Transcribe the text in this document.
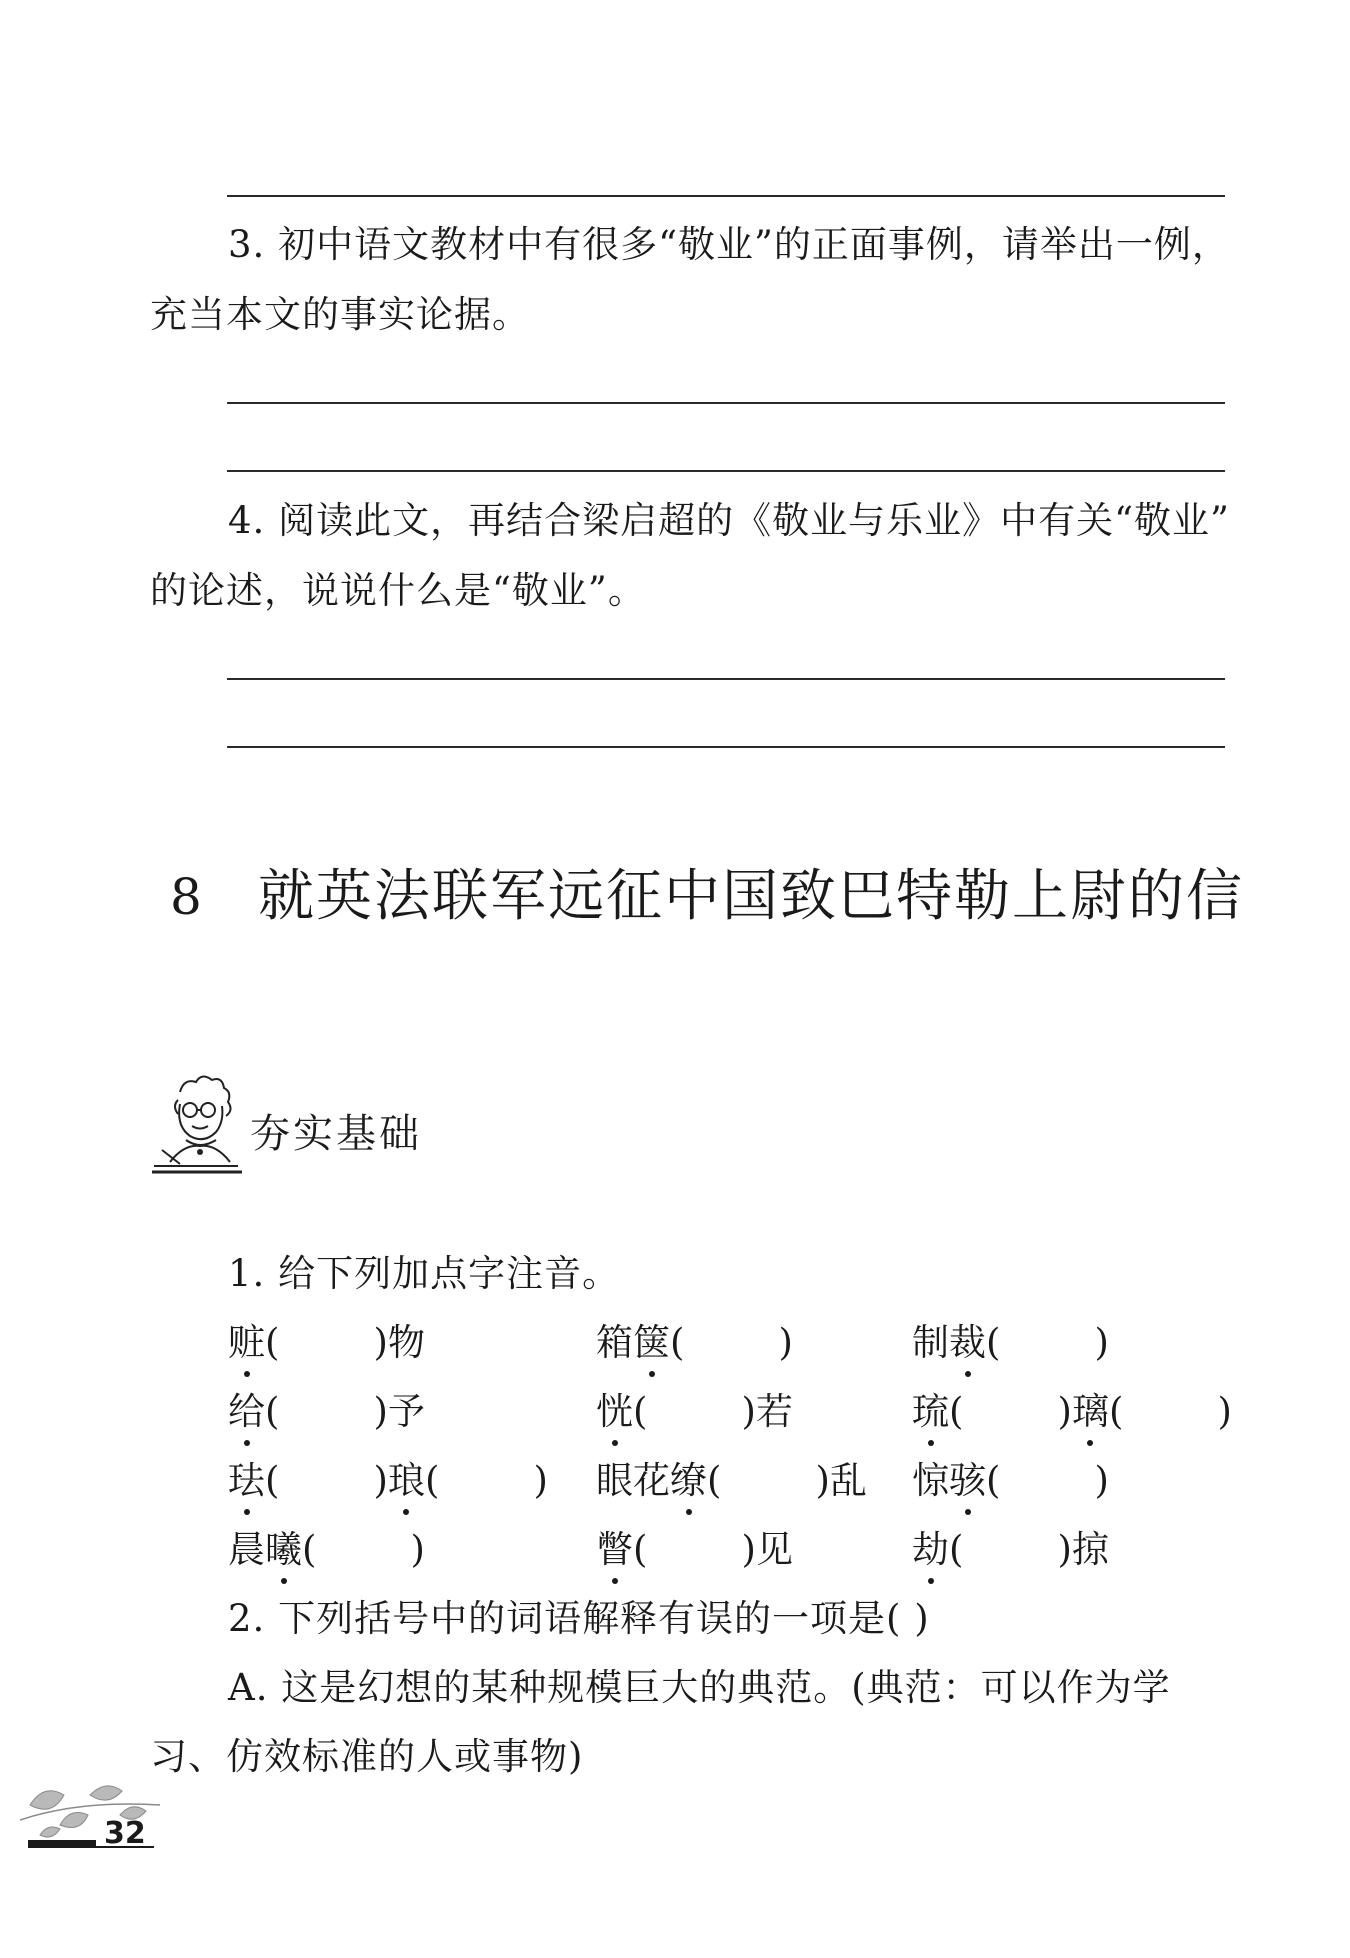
3. 初中语文教材中有很多“敬业”的正面事例，请举出一例，
充当本文的事实论据。

4. 阅读此文，再结合梁启超的《敬业与乐业》中有关“敬业”
的论述，说说什么是“敬业”。

8 就英法联军远征中国致巴特勒上尉的信
夯实基础
1. 给下列加点字注音。
赃(        )物	箱箧(        )	制裁(        )
给(        )予	恍(        )若	琉(        )璃(        )
珐(        )琅(        ) 眼花缭(        )乱 惊骇(        )
晨曦(        )	瞥(        )见	劫(        )掠
2. 下列括号中的词语解释有误的一项是( )
A. 这是幻想的某种规模巨大的典范。(典范：可以作为学
习、仿效标准的人或事物)
32
